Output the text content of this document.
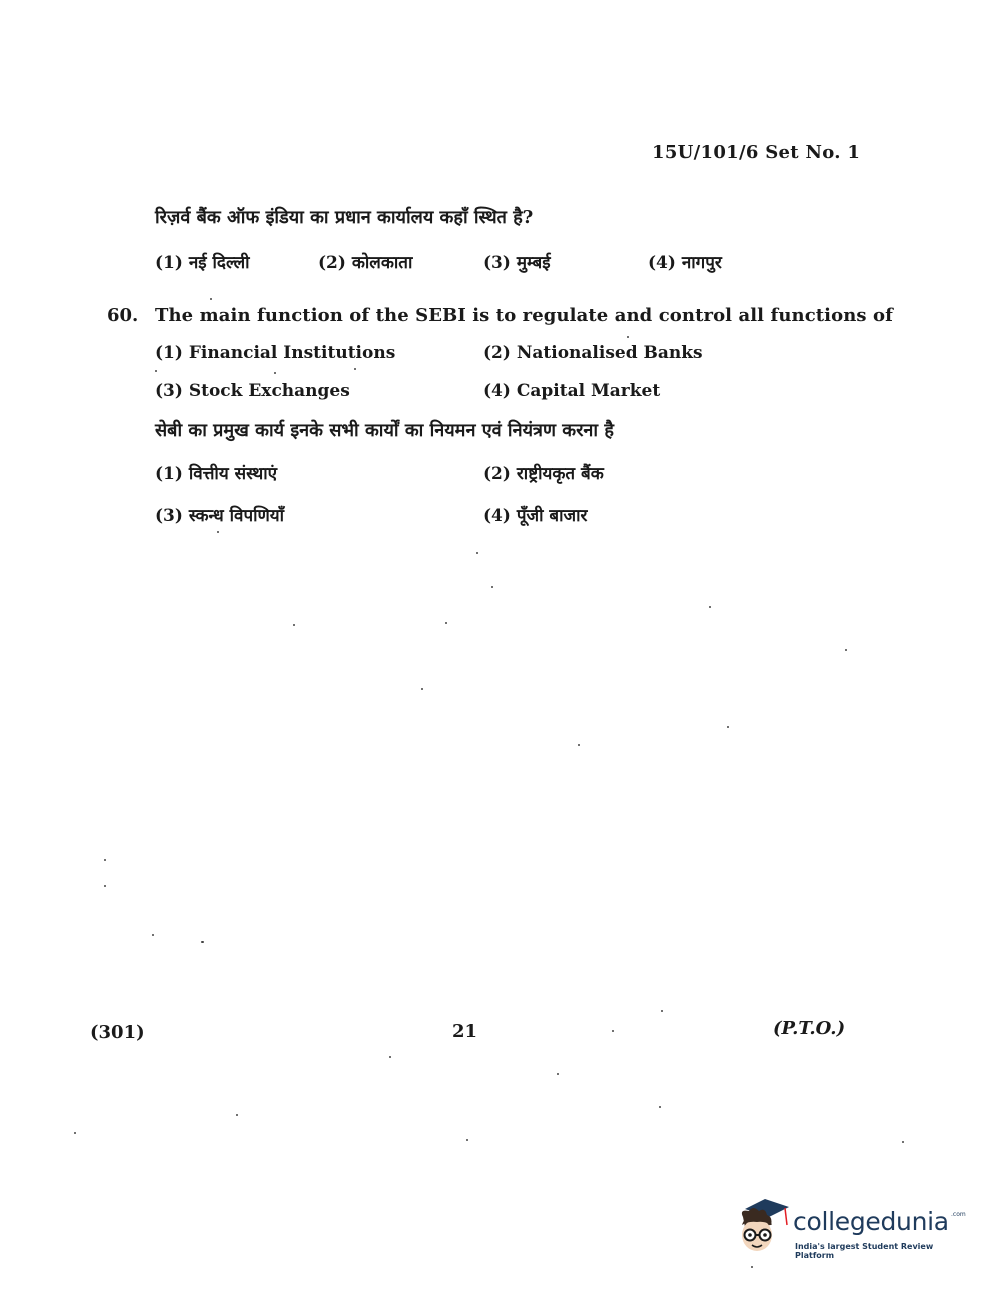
15U/101/6 Set No. 1
रिज़र्व बैंक ऑफ इंडिया का प्रधान कार्यालय कहाँ स्थित है?
(1) नई दिल्ली	(2) कोलकाता	(3) मुम्बई	(4) नागपुर
60. The main function of the SEBI is to regulate and control all functions of
(1) Financial Institutions	(2) Nationalised Banks
(3) Stock Exchanges	(4) Capital Market
सेबी का प्रमुख कार्य इनके सभी कार्यों का नियमन एवं नियंत्रण करना है
(1) वित्तीय संस्थाएं	(2) राष्ट्रीयकृत बैंक
(3) स्कन्ध विपणियाँ	(4) पूँजी बाजार
(301)	21	(P.T.O.)
collegedunia .com
India's largest Student Review Platform
